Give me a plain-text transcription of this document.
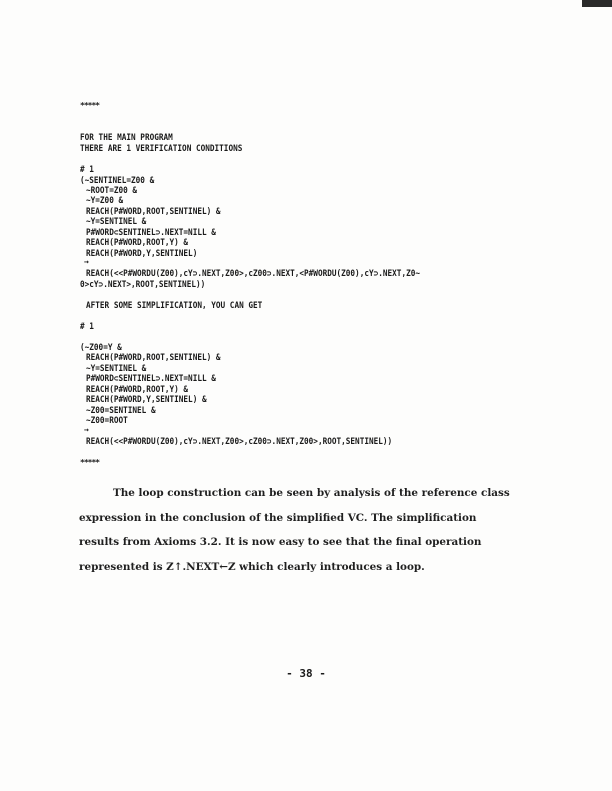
*****
FOR THE MAIN PROGRAM
THERE ARE 1 VERIFICATION CONDITIONS
# 1
(~SENTINEL=Z00 &
~ROOT=Z00 &
~Y=Z00 &
REACH(P#WORD,ROOT,SENTINEL) &
~Y=SENTINEL &
P#WORD⊂SENTINEL⊃.NEXT=NILL &
REACH(P#WORD,ROOT,Y) &
REACH(P#WORD,Y,SENTINEL)
→
REACH(<<P#WORDU(Z00),cY⊃.NEXT,Z00>,cZ00⊃.NEXT,<P#WORDU(Z00),cY⊃.NEXT,Z0~
0>cY⊃.NEXT>,ROOT,SENTINEL))
AFTER SOME SIMPLIFICATION, YOU CAN GET
# 1
(~Z00=Y &
REACH(P#WORD,ROOT,SENTINEL) &
~Y=SENTINEL &
P#WORD⊂SENTINEL⊃.NEXT=NILL &
REACH(P#WORD,ROOT,Y) &
REACH(P#WORD,Y,SENTINEL) &
~Z00=SENTINEL &
~Z00=ROOT
→
REACH(<<P#WORDU(Z00),cY⊃.NEXT,Z00>,cZ00⊃.NEXT,Z00>,ROOT,SENTINEL))
*****

The loop construction can be seen by analysis of the reference class expression in the conclusion of the simplified VC. The simplification results from Axioms 3.2. It is now easy to see that the final operation represented is Z↑.NEXT←Z which clearly introduces a loop.

- 38 -
